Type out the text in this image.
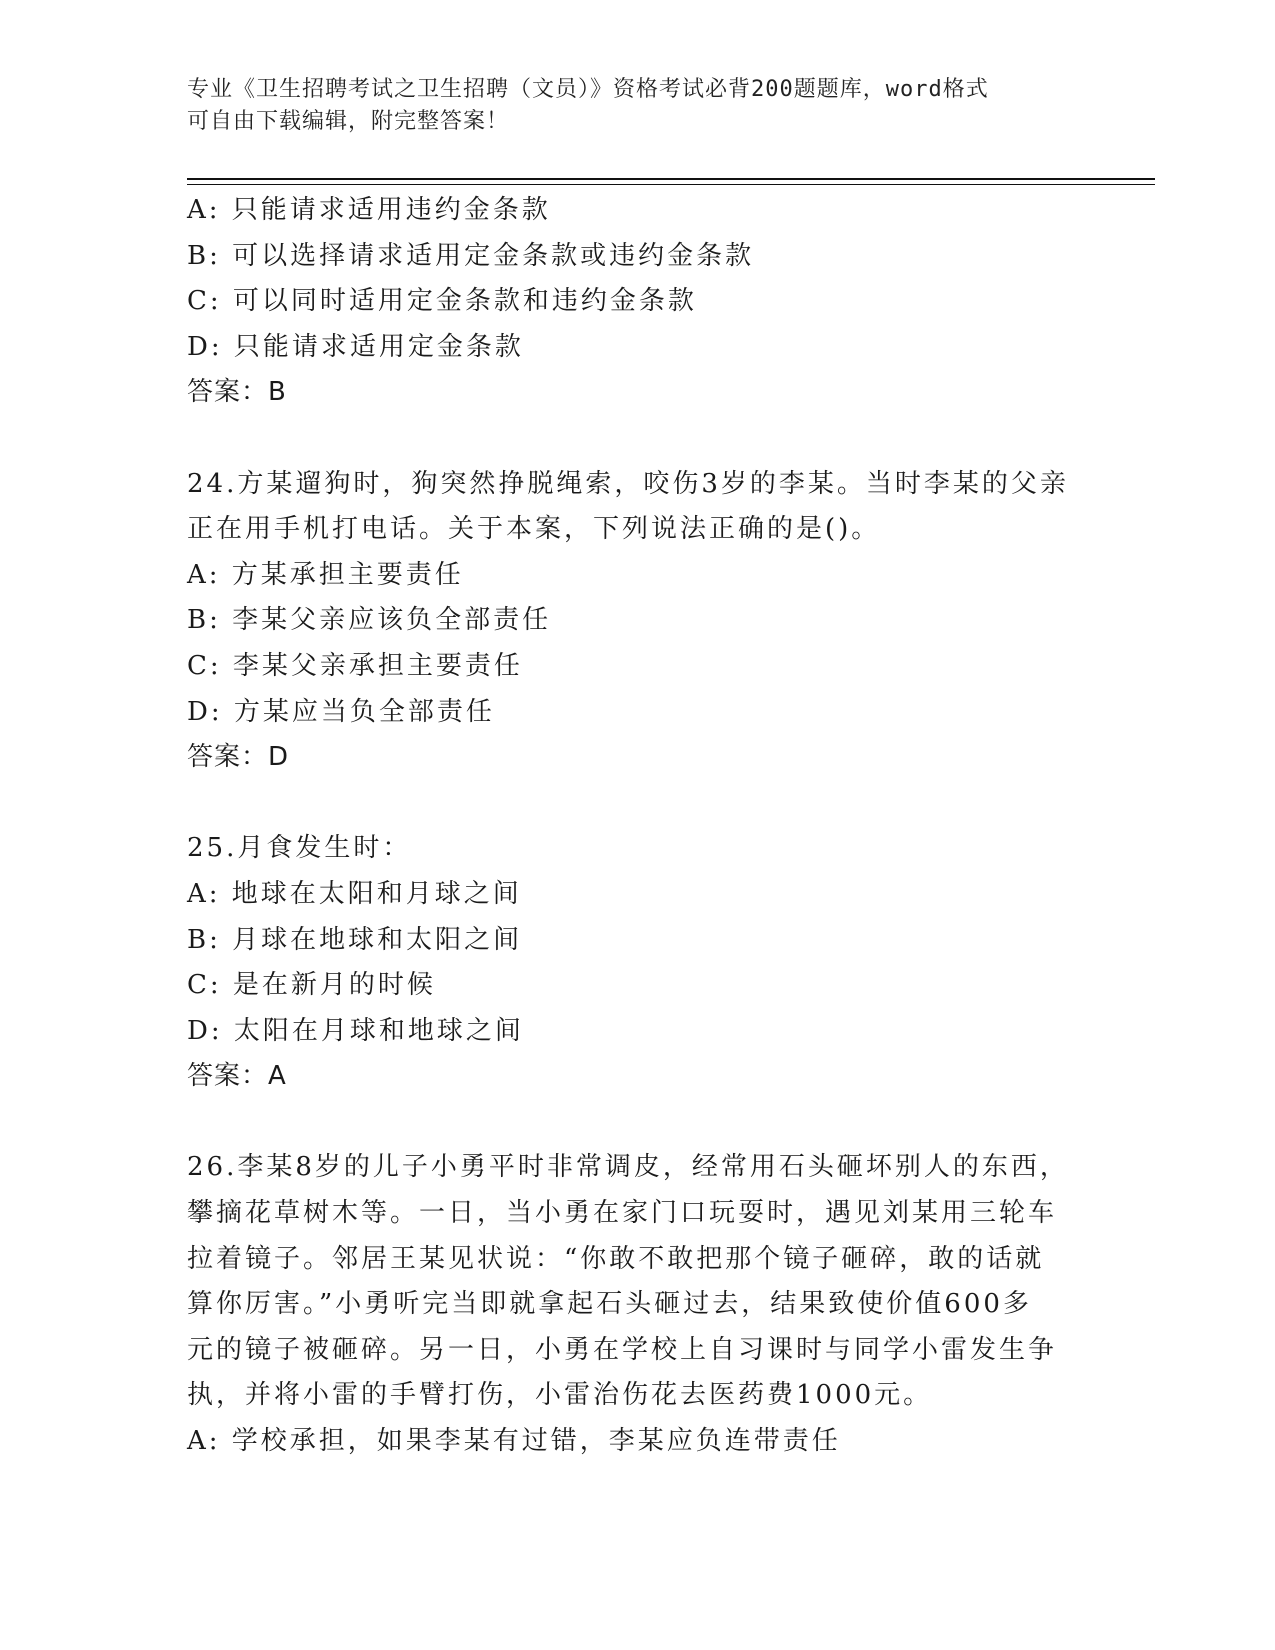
专业《卫生招聘考试之卫生招聘（文员）》资格考试必背200题题库，word格式
可自由下载编辑，附完整答案！
A: 只能请求适用违约金条款
B: 可以选择请求适用定金条款或违约金条款
C: 可以同时适用定金条款和违约金条款
D: 只能请求适用定金条款
答案：B
24.方某遛狗时，狗突然挣脱绳索，咬伤3岁的李某。当时李某的父亲
正在用手机打电话。关于本案，下列说法正确的是()。
A: 方某承担主要责任
B: 李某父亲应该负全部责任
C: 李某父亲承担主要责任
D: 方某应当负全部责任
答案：D
25.月食发生时：
A: 地球在太阳和月球之间
B: 月球在地球和太阳之间
C: 是在新月的时候
D: 太阳在月球和地球之间
答案：A
26.李某8岁的儿子小勇平时非常调皮，经常用石头砸坏别人的东西，
攀摘花草树木等。一日，当小勇在家门口玩耍时，遇见刘某用三轮车
拉着镜子。邻居王某见状说：“你敢不敢把那个镜子砸碎，敢的话就
算你厉害。”小勇听完当即就拿起石头砸过去，结果致使价值600多
元的镜子被砸碎。另一日，小勇在学校上自习课时与同学小雷发生争
执，并将小雷的手臂打伤，小雷治伤花去医药费1000元。
A: 学校承担，如果李某有过错，李某应负连带责任
